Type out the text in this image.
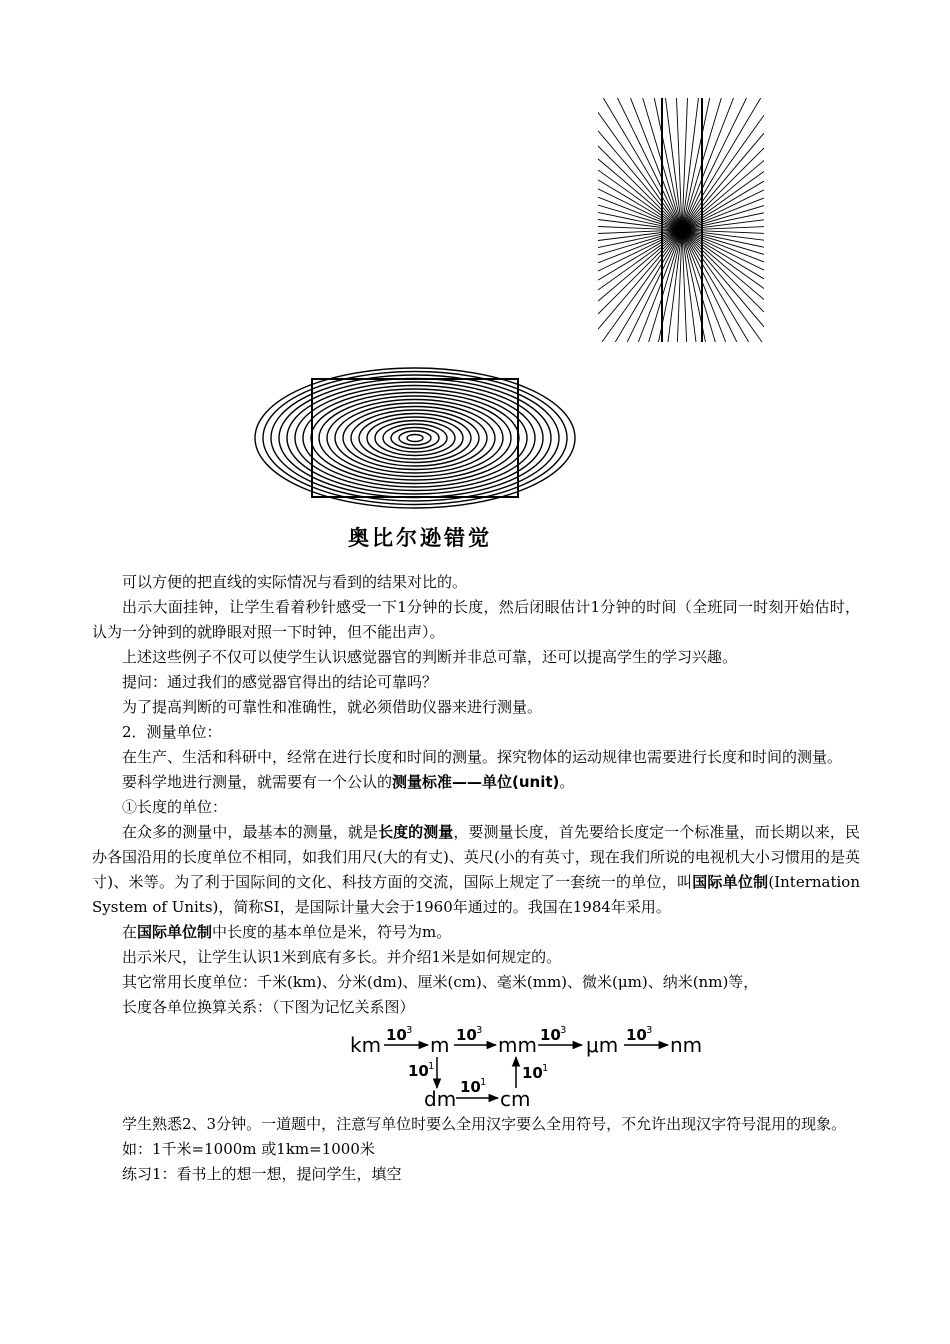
奥比尔逊错觉

可以方便的把直线的实际情况与看到的结果对比的。

出示大面挂钟，让学生看着秒针感受一下1分钟的长度，然后闭眼估计1分钟的时间（全班同一时刻开始估时，认为一分钟到的就睁眼对照一下时钟，但不能出声）。

上述这些例子不仅可以使学生认识感觉器官的判断并非总可靠，还可以提高学生的学习兴趣。

提问：通过我们的感觉器官得出的结论可靠吗？

为了提高判断的可靠性和准确性，就必须借助仪器来进行测量。

2．测量单位：

在生产、生活和科研中，经常在进行长度和时间的测量。探究物体的运动规律也需要进行长度和时间的测量。

要科学地进行测量，就需要有一个公认的测量标准——单位(unit)。

①长度的单位：

在众多的测量中，最基本的测量，就是长度的测量，要测量长度，首先要给长度定一个标准量，而长期以来，民办各国沿用的长度单位不相同，如我们用尺(大的有丈)、英尺(小的有英寸，现在我们所说的电视机大小习惯用的是英寸)、米等。为了利于国际间的文化、科技方面的交流，国际上规定了一套统一的单位，叫国际单位制(Internation System of Units)，简称SI，是国际计量大会于1960年通过的。我国在1984年采用。

在国际单位制中长度的基本单位是米，符号为m。

出示米尺，让学生认识1米到底有多长。并介绍1米是如何规定的。

其它常用长度单位：千米(km)、分米(dm)、厘米(cm)、毫米(mm)、微米(μm)、纳米(nm)等，

长度各单位换算关系：（下图为记忆关系图）

km m mm μm	nm
dm cm
10 3	10 3	10 3	10 3
10 1
10 1
10 1

学生熟悉2、3分钟。一道题中，注意写单位时要么全用汉字要么全用符号，不允许出现汉字符号混用的现象。

如：1千米=1000m 或1km=1000米

练习1：看书上的想一想，提问学生，填空
